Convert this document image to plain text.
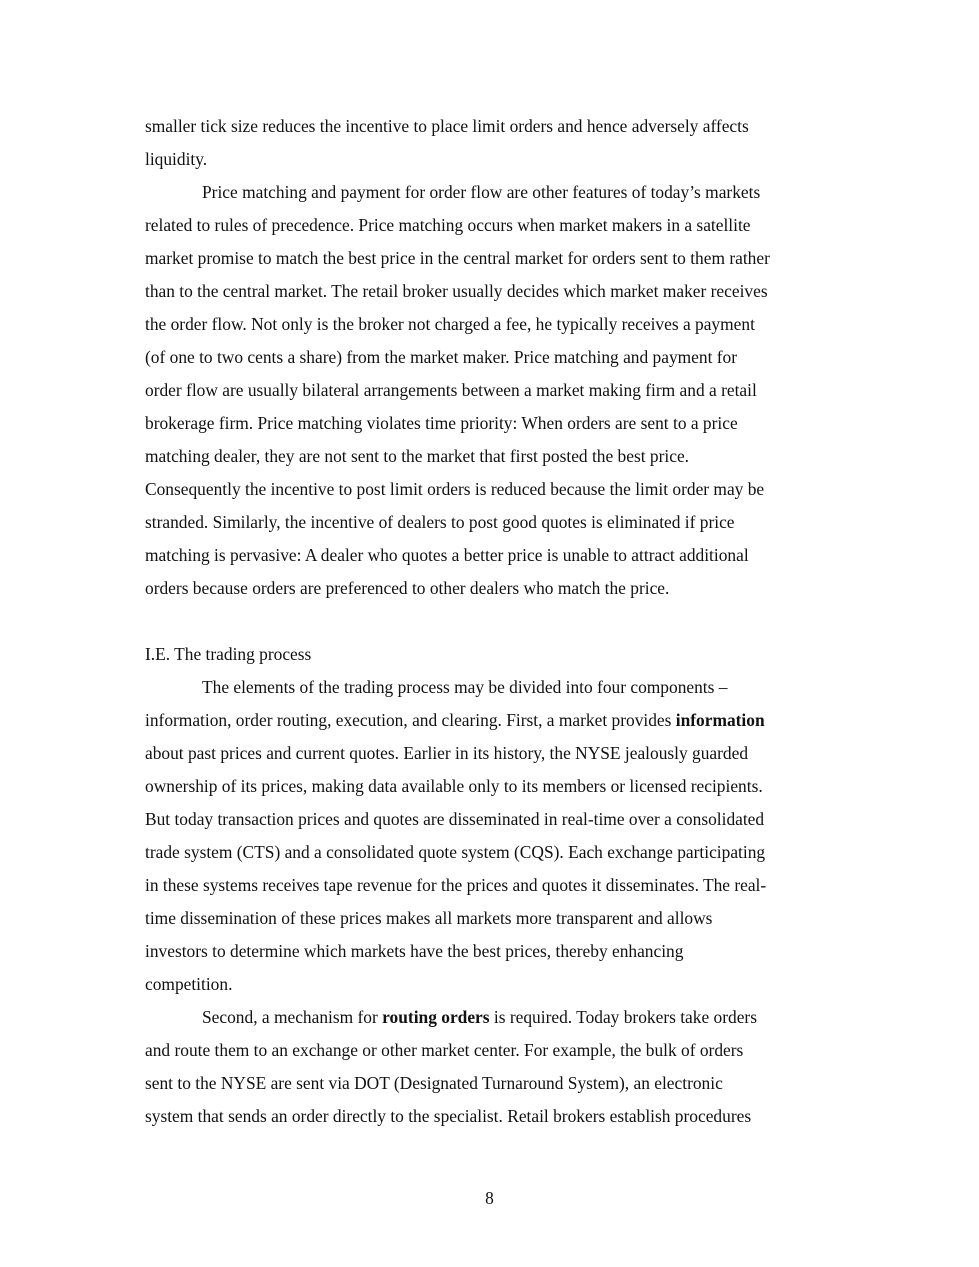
smaller tick size reduces the incentive to place limit orders and hence adversely affects
liquidity.
Price matching and payment for order flow are other features of today’s markets
related to rules of precedence. Price matching occurs when market makers in a satellite
market promise to match the best price in the central market for orders sent to them rather
than to the central market. The retail broker usually decides which market maker receives
the order flow. Not only is the broker not charged a fee, he typically receives a payment
(of one to two cents a share) from the market maker. Price matching and payment for
order flow are usually bilateral arrangements between a market making firm and a retail
brokerage firm. Price matching violates time priority: When orders are sent to a price
matching dealer, they are not sent to the market that first posted the best price.
Consequently the incentive to post limit orders is reduced because the limit order may be
stranded. Similarly, the incentive of dealers to post good quotes is eliminated if price
matching is pervasive: A dealer who quotes a better price is unable to attract additional
orders because orders are preferenced to other dealers who match the price.
I.E. The trading process
The elements of the trading process may be divided into four components –
information, order routing, execution, and clearing. First, a market provides information
about past prices and current quotes. Earlier in its history, the NYSE jealously guarded
ownership of its prices, making data available only to its members or licensed recipients.
But today transaction prices and quotes are disseminated in real-time over a consolidated
trade system (CTS) and a consolidated quote system (CQS). Each exchange participating
in these systems receives tape revenue for the prices and quotes it disseminates. The real-
time dissemination of these prices makes all markets more transparent and allows
investors to determine which markets have the best prices, thereby enhancing
competition.
Second, a mechanism for routing orders is required. Today brokers take orders
and route them to an exchange or other market center. For example, the bulk of orders
sent to the NYSE are sent via DOT (Designated Turnaround System), an electronic
system that sends an order directly to the specialist. Retail brokers establish procedures
8
